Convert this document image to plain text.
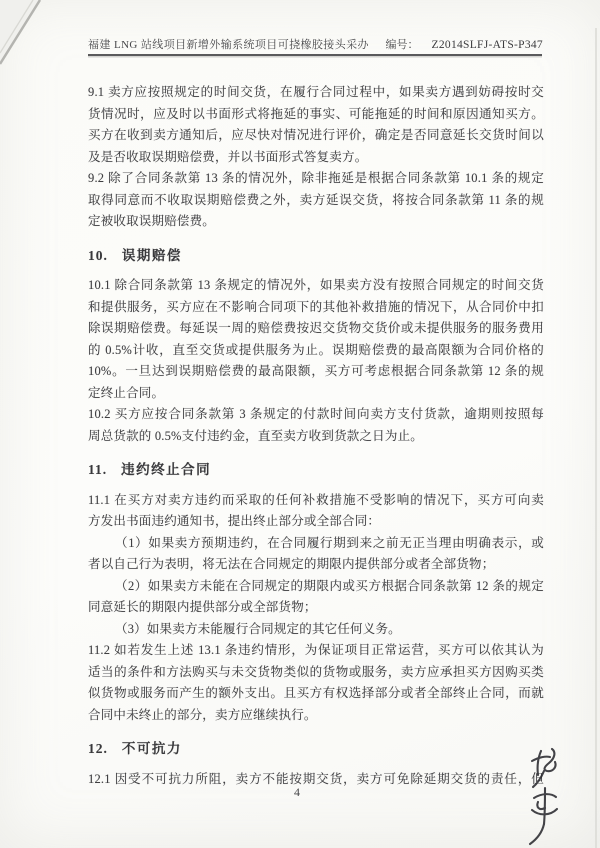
福建 LNG 站线项目新增外输系统项目可挠橡胶接头采办 编号： Z2014SLFJ-ATS-P347
9.1 卖方应按照规定的时间交货，在履行合同过程中，如果卖方遇到妨碍按时交
货情况时，应及时以书面形式将拖延的事实、可能拖延的时间和原因通知买方。
买方在收到卖方通知后，应尽快对情况进行评价，确定是否同意延长交货时间以
及是否收取误期赔偿费，并以书面形式答复卖方。
9.2 除了合同条款第 13 条的情况外，除非拖延是根据合同条款第 10.1 条的规定
取得同意而不收取误期赔偿费之外，卖方延误交货，将按合同条款第 11 条的规
定被收取误期赔偿费。
10. 误期赔偿
10.1 除合同条款第 13 条规定的情况外，如果卖方没有按照合同规定的时间交货
和提供服务，买方应在不影响合同项下的其他补救措施的情况下，从合同价中扣
除误期赔偿费。每延误一周的赔偿费按迟交货物交货价或未提供服务的服务费用
的 0.5%计收，直至交货或提供服务为止。误期赔偿费的最高限额为合同价格的
10%。一旦达到误期赔偿费的最高限额，买方可考虑根据合同条款第 12 条的规
定终止合同。
10.2 买方应按合同条款第 3 条规定的付款时间向卖方支付货款，逾期则按照每
周总货款的 0.5%支付违约金，直至卖方收到货款之日为止。
11. 违约终止合同
11.1 在买方对卖方违约而采取的任何补救措施不受影响的情况下，买方可向卖
方发出书面违约通知书，提出终止部分或全部合同：
（1）如果卖方预期违约，在合同履行期到来之前无正当理由明确表示，或
者以自己行为表明，将无法在合同规定的期限内提供部分或者全部货物；
（2）如果卖方未能在合同规定的期限内或买方根据合同条款第 12 条的规定
同意延长的期限内提供部分或全部货物；
（3）如果卖方未能履行合同规定的其它任何义务。
11.2 如若发生上述 13.1 条违约情形，为保证项目正常运营，买方可以依其认为
适当的条件和方法购买与未交货物类似的货物或服务，卖方应承担买方因购买类
似货物或服务而产生的额外支出。且买方有权选择部分或者全部终止合同，而就
合同中未终止的部分，卖方应继续执行。
12. 不可抗力
12.1 因受不可抗力所阻，卖方不能按期交货，卖方可免除延期交货的责任，但
4
